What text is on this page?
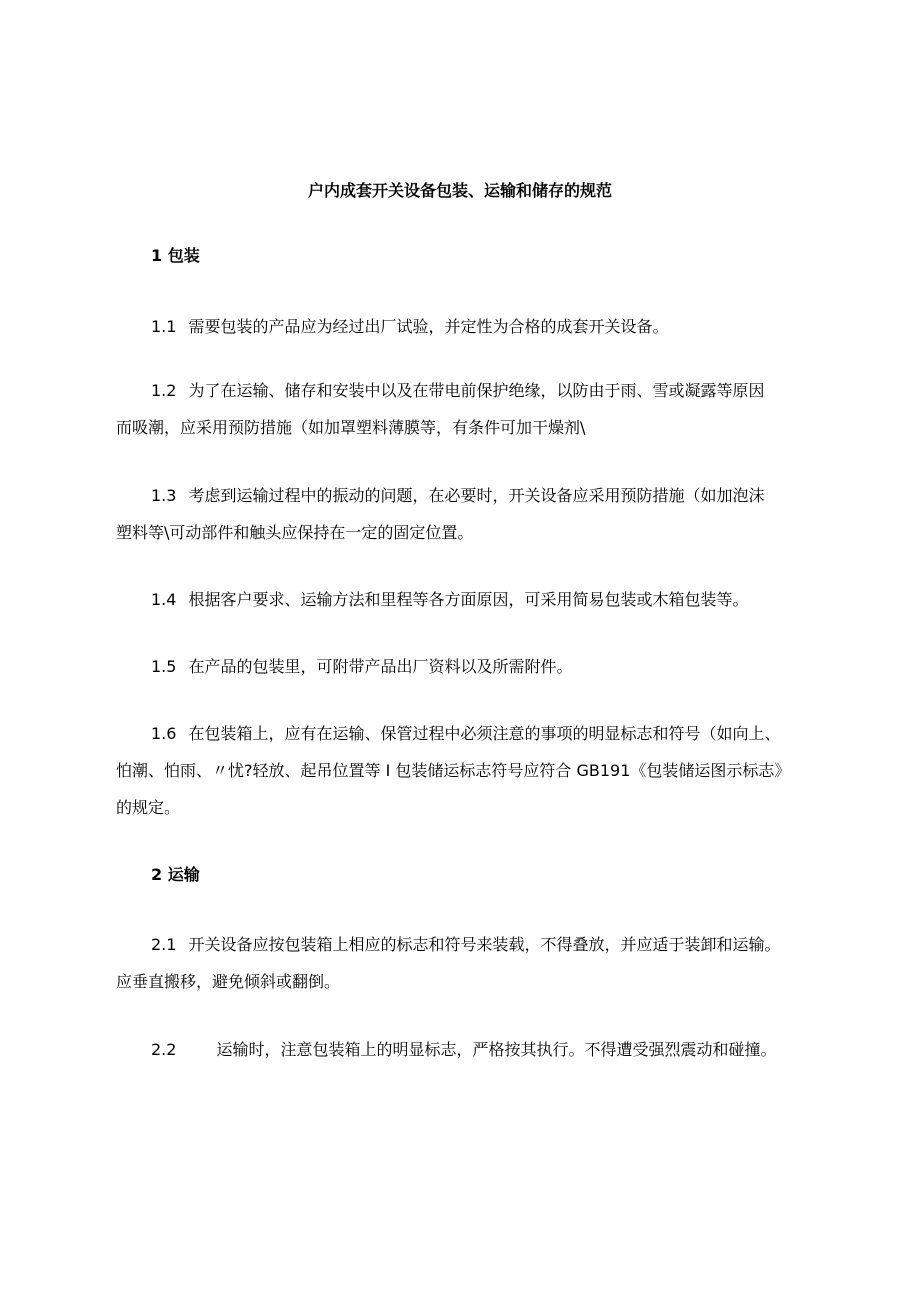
户内成套开关设备包装、运输和储存的规范
1 包装
1.1 需要包装的产品应为经过出厂试验，并定性为合格的成套开关设备。
1.2 为了在运输、储存和安装中以及在带电前保护绝缘，以防由于雨、雪或凝露等原因
而吸潮，应采用预防措施（如加罩塑料薄膜等，有条件可加干燥剂\
1.3 考虑到运输过程中的振动的问题，在必要时，开关设备应采用预防措施（如加泡沫
塑料等\可动部件和触头应保持在一定的固定位置。
1.4 根据客户要求、运输方法和里程等各方面原因，可采用简易包装或木箱包装等。
1.5 在产品的包装里，可附带产品出厂资料以及所需附件。
1.6 在包装箱上，应有在运输、保管过程中必须注意的事项的明显标志和符号（如向上、
怕潮、怕雨、〃忧?轻放、起吊位置等 I 包装储运标志符号应符合 GB191《包装储运图示标志》
的规定。
2 运输
2.1 开关设备应按包装箱上相应的标志和符号来装载，不得叠放，并应适于装卸和运输。
应垂直搬移，避免倾斜或翻倒。
2.2	运输时，注意包装箱上的明显标志，严格按其执行。不得遭受强烈震动和碰撞。
